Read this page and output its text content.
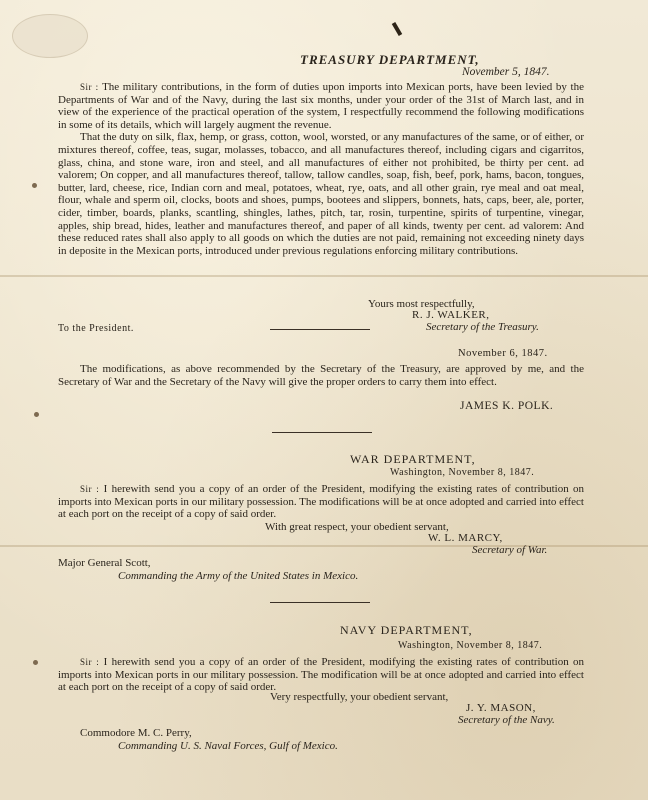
TREASURY DEPARTMENT,
November 5, 1847.

Sir : The military contributions, in the form of duties upon imports into Mexican ports, have been levied by the Departments of War and of the Navy, during the last six months, under your order of the 31st of March last, and in view of the experience of the practical operation of the system, I respectfully recommend the following modifications in some of its details, which will largely augment the revenue.

That the duty on silk, flax, hemp, or grass, cotton, wool, worsted, or any manufactures of the same, or of either, or mixtures thereof, coffee, teas, sugar, molasses, tobacco, and all manufactures thereof, including cigars and cigarritos, glass, china, and stone ware, iron and steel, and all manufactures of either not prohibited, be thirty per cent. ad valorem; On copper, and all manufactures thereof, tallow, tallow candles, soap, fish, beef, pork, hams, bacon, tongues, butter, lard, cheese, rice, Indian corn and meal, potatoes, wheat, rye, oats, and all other grain, rye meal and oat meal, flour, whale and sperm oil, clocks, boots and shoes, pumps, bootees and slippers, bonnets, hats, caps, beer, ale, porter, cider, timber, boards, planks, scantling, shingles, lathes, pitch, tar, rosin, turpentine, spirits of turpentine, vinegar, apples, ship bread, hides, leather and manufactures thereof, and paper of all kinds, twenty per cent. ad valorem: And these reduced rates shall also apply to all goods on which the duties are not paid, remaining not exceeding ninety days in deposite in the Mexican ports, introduced under previous regulations enforcing military contributions.

Yours most respectfully,
R. J. WALKER,
Secretary of the Treasury.
To the President.
November 6, 1847.

The modifications, as above recommended by the Secretary of the Treasury, are approved by me, and the Secretary of War and the Secretary of the Navy will give the proper orders to carry them into effect.

JAMES K. POLK.
WAR DEPARTMENT,
Washington, November 8, 1847.

Sir : I herewith send you a copy of an order of the President, modifying the existing rates of contribution on imports into Mexican ports in our military possession. The modifications will be at once adopted and carried into effect at each port on the receipt of a copy of said order.

With great respect, your obedient servant,
W. L. MARCY,
Secretary of War.
Major General Scott,
Commanding the Army of the United States in Mexico.
NAVY DEPARTMENT,
Washington, November 8, 1847.

Sir : I herewith send you a copy of an order of the President, modifying the existing rates of contribution on imports into Mexican ports in our military possession. The modification will be at once adopted and carried into effect at each port on the receipt of a copy of said order.

Very respectfully, your obedient servant,
J. Y. MASON,
Secretary of the Navy.
Commodore M. C. Perry,
Commanding U. S. Naval Forces, Gulf of Mexico.
